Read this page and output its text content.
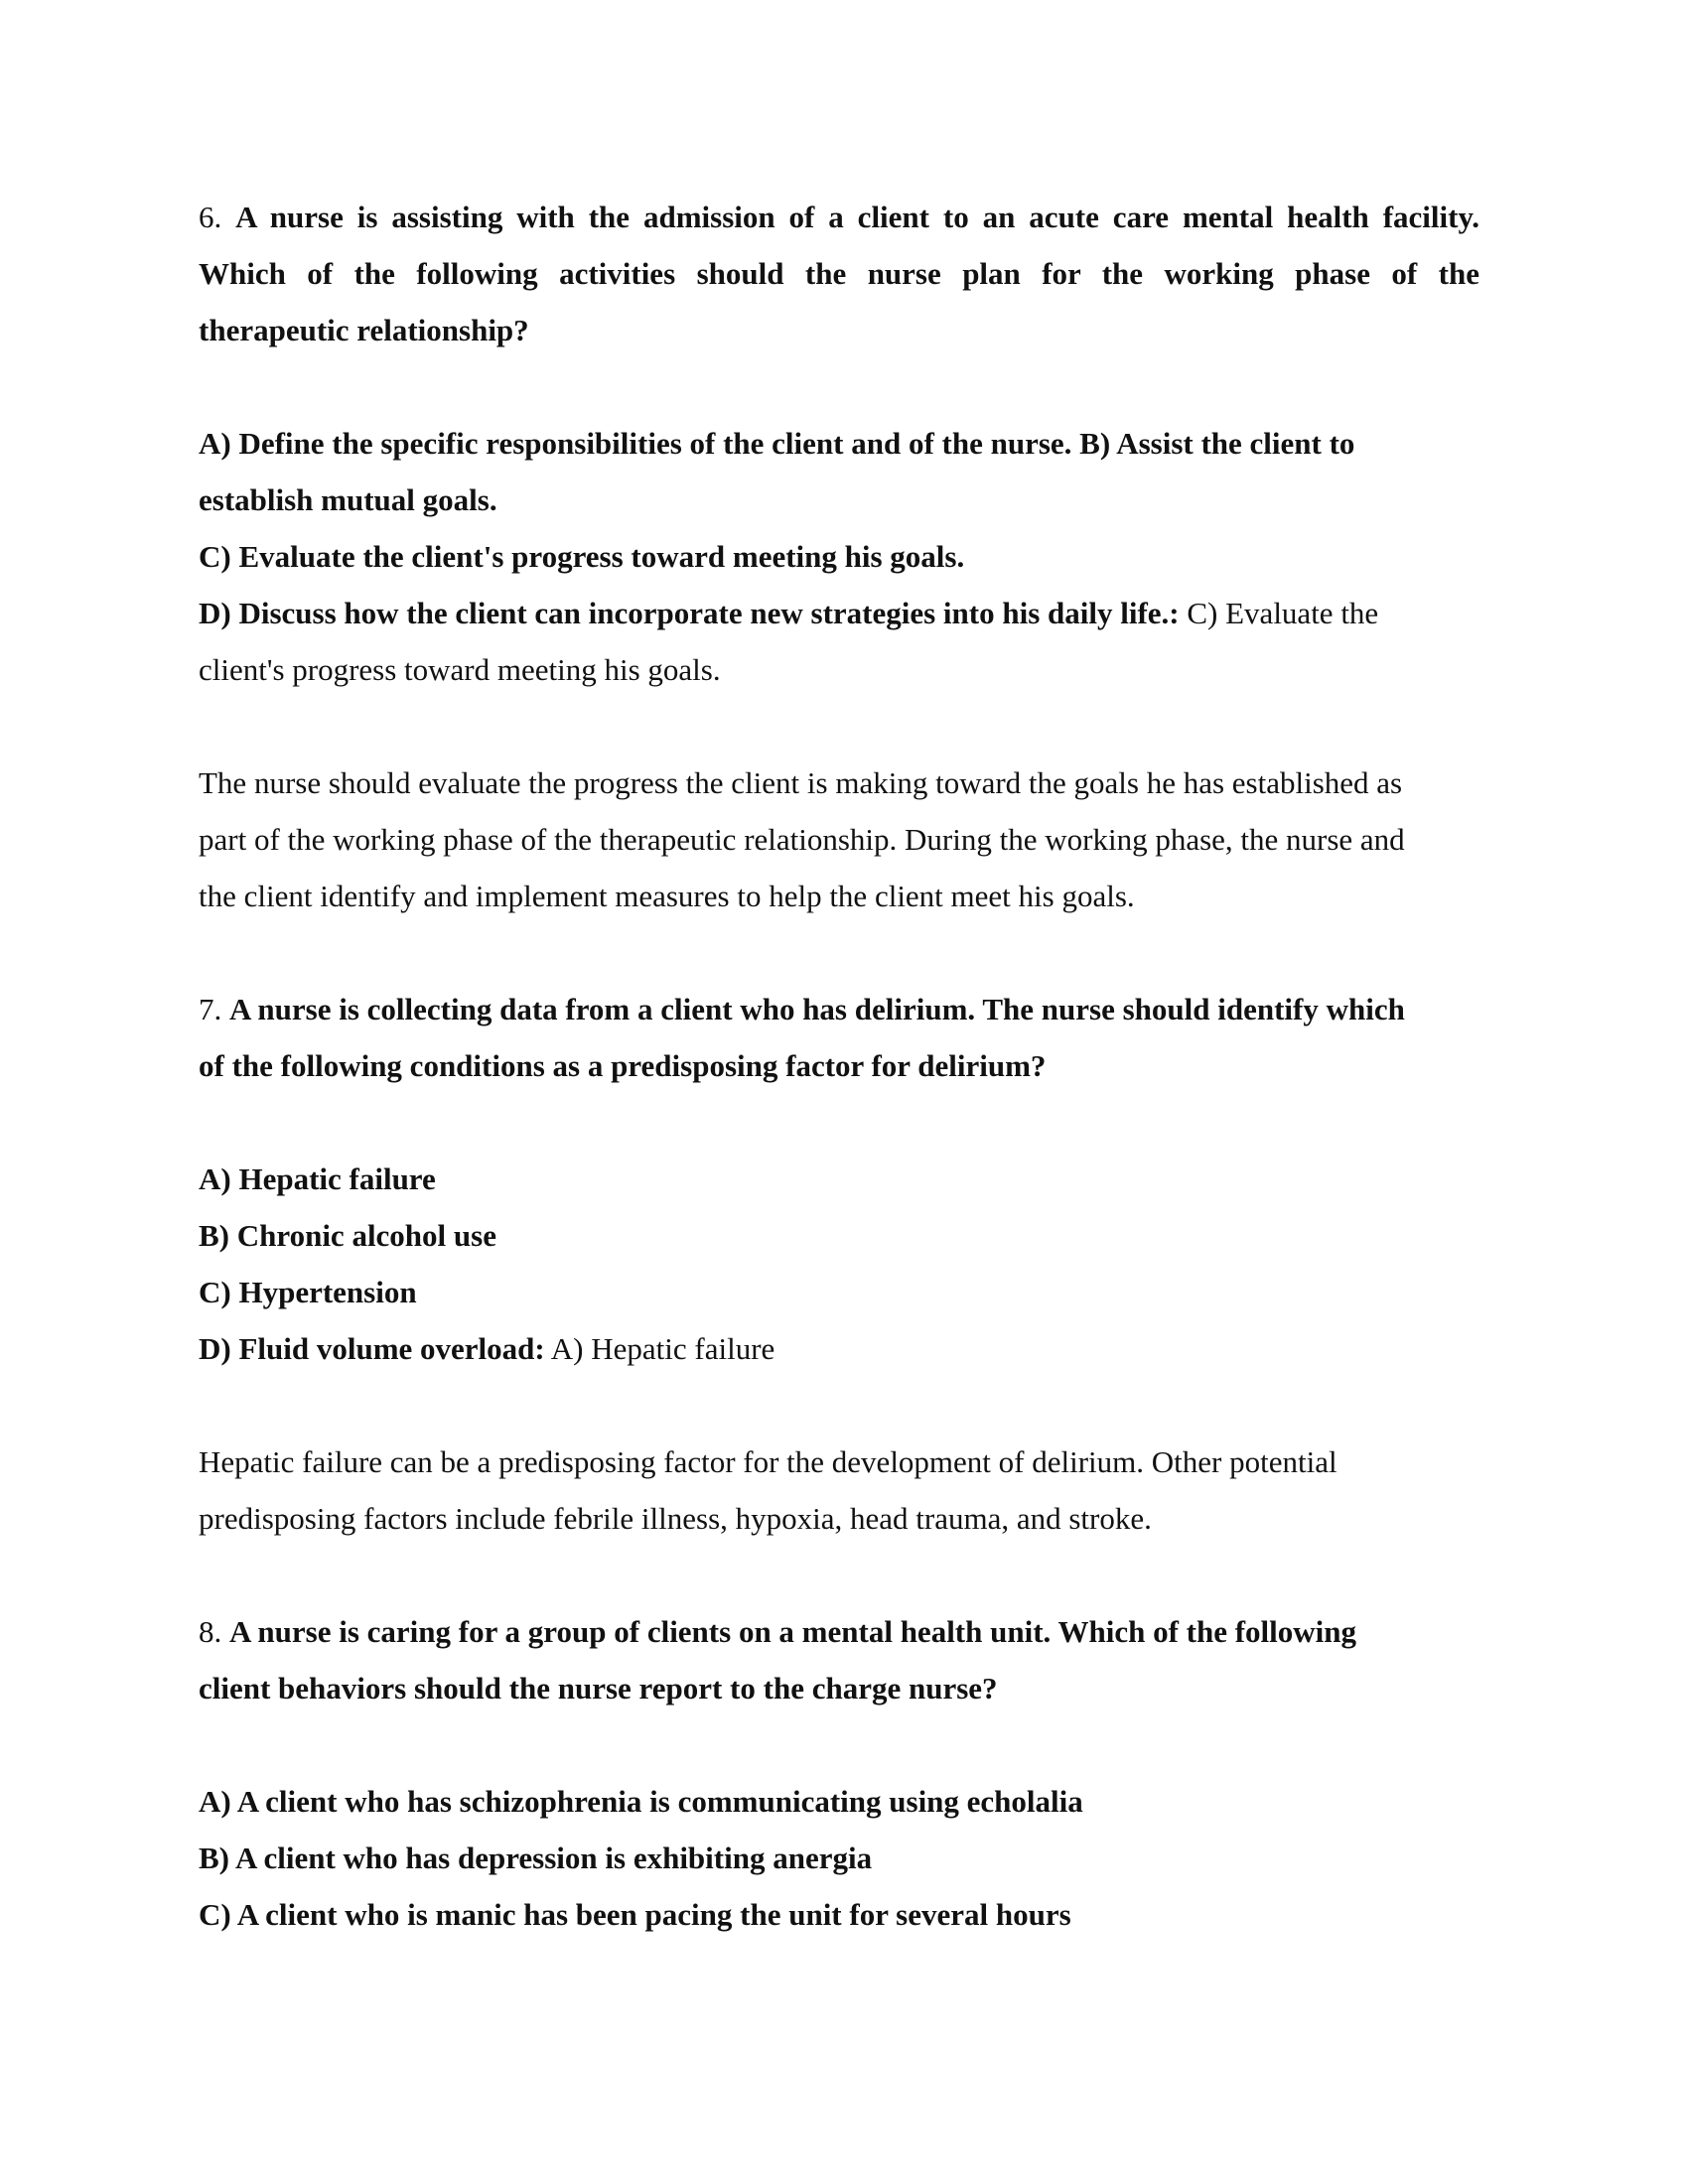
6. A nurse is assisting with the admission of a client to an acute care mental health facility.
Which of the following activities should the nurse plan for the working phase of the
therapeutic relationship?
A) Define the specific responsibilities of the client and of the nurse. B) Assist the client to
establish mutual goals.
C) Evaluate the client's progress toward meeting his goals.
D) Discuss how the client can incorporate new strategies into his daily life.: C) Evaluate the
client's progress toward meeting his goals.
The nurse should evaluate the progress the client is making toward the goals he has established as
part of the working phase of the therapeutic relationship. During the working phase, the nurse and
the client identify and implement measures to help the client meet his goals.
7. A nurse is collecting data from a client who has delirium. The nurse should identify which
of the following conditions as a predisposing factor for delirium?
A) Hepatic failure
B) Chronic alcohol use
C) Hypertension
D) Fluid volume overload: A) Hepatic failure
Hepatic failure can be a predisposing factor for the development of delirium. Other potential
predisposing factors include febrile illness, hypoxia, head trauma, and stroke.
8. A nurse is caring for a group of clients on a mental health unit. Which of the following
client behaviors should the nurse report to the charge nurse?
A) A client who has schizophrenia is communicating using echolalia
B) A client who has depression is exhibiting anergia
C) A client who is manic has been pacing the unit for several hours
